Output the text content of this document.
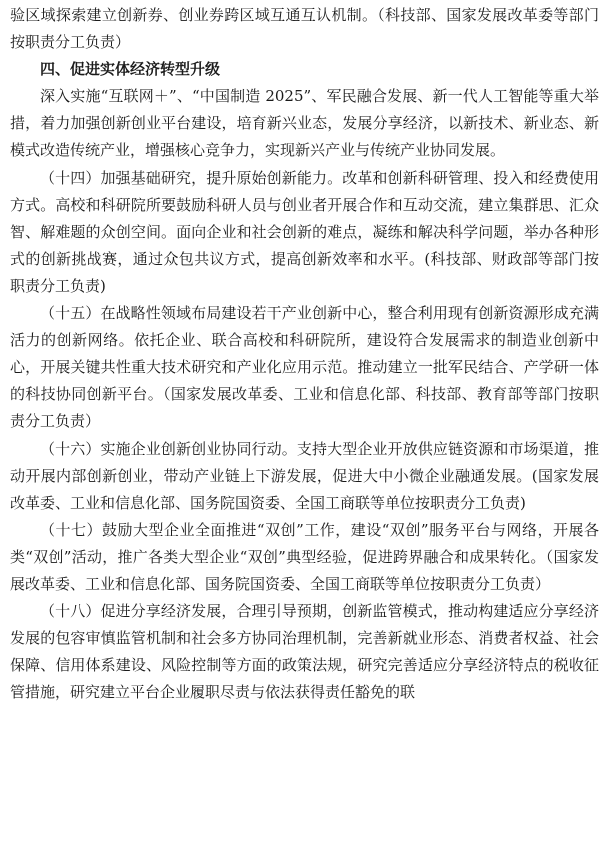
验区域探索建立创新券、创业券跨区域互通互认机制。（科技部、国家发展改革委等部门按职责分工负责）

四、促进实体经济转型升级

深入实施“互联网＋”、“中国制造 2025”、军民融合发展、新一代人工智能等重大举措，着力加强创新创业平台建设，培育新兴业态，发展分享经济，以新技术、新业态、新模式改造传统产业，增强核心竞争力，实现新兴产业与传统产业协同发展。

（十四）加强基础研究，提升原始创新能力。改革和创新科研管理、投入和经费使用方式。高校和科研院所要鼓励科研人员与创业者开展合作和互动交流，建立集群思、汇众智、解难题的众创空间。面向企业和社会创新的难点，凝练和解决科学问题，举办各种形式的创新挑战赛，通过众包共议方式，提高创新效率和水平。(科技部、财政部等部门按职责分工负责)

（十五）在战略性领域布局建设若干产业创新中心，整合利用现有创新资源形成充满活力的创新网络。依托企业、联合高校和科研院所，建设符合发展需求的制造业创新中心，开展关键共性重大技术研究和产业化应用示范。推动建立一批军民结合、产学研一体的科技协同创新平台。（国家发展改革委、工业和信息化部、科技部、教育部等部门按职责分工负责）

（十六）实施企业创新创业协同行动。支持大型企业开放供应链资源和市场渠道，推动开展内部创新创业，带动产业链上下游发展，促进大中小微企业融通发展。(国家发展改革委、工业和信息化部、国务院国资委、全国工商联等单位按职责分工负责)

（十七）鼓励大型企业全面推进“双创”工作，建设“双创”服务平台与网络，开展各类“双创”活动，推广各类大型企业“双创”典型经验，促进跨界融合和成果转化。（国家发展改革委、工业和信息化部、国务院国资委、全国工商联等单位按职责分工负责）

（十八）促进分享经济发展，合理引导预期，创新监管模式，推动构建适应分享经济发展的包容审慎监管机制和社会多方协同治理机制，完善新就业形态、消费者权益、社会保障、信用体系建设、风险控制等方面的政策法规，研究完善适应分享经济特点的税收征管措施，研究建立平台企业履职尽责与依法获得责任豁免的联
